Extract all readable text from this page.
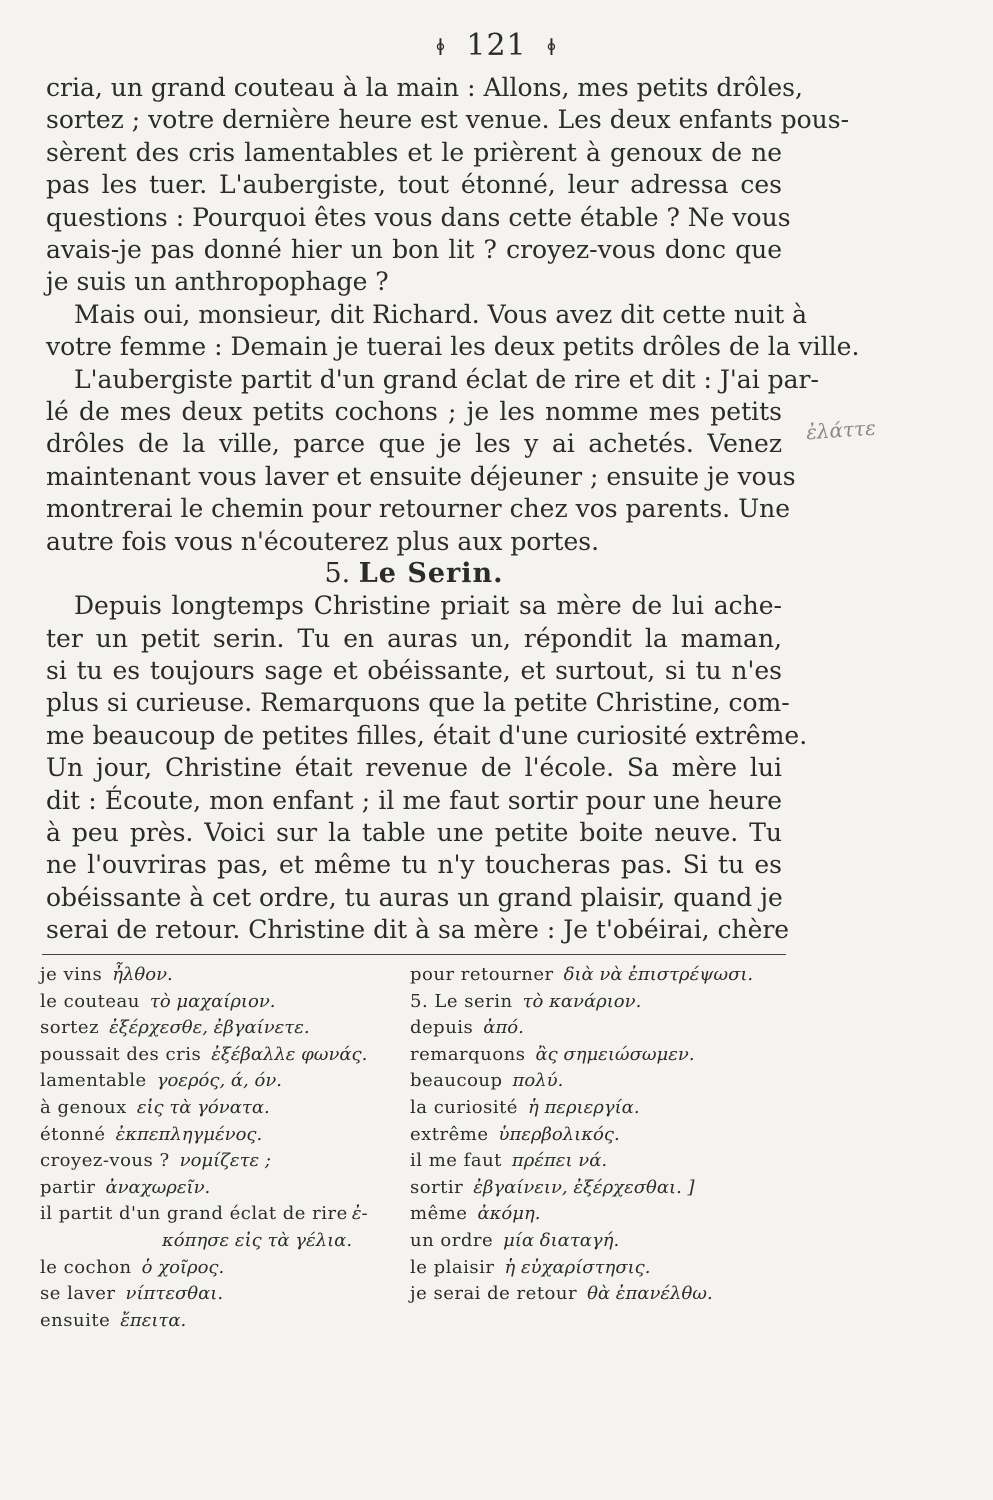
ꬹ 121 ꬹ
cria, un grand couteau à la main : Allons, mes petits drôles,
sortez ; votre dernière heure est venue. Les deux enfants pous-
sèrent des cris lamentables et le prièrent à genoux de ne
pas les tuer. L'aubergiste, tout étonné, leur adressa ces
questions : Pourquoi êtes vous dans cette étable ? Ne vous
avais-je pas donné hier un bon lit ? croyez-vous donc que
je suis un anthropophage ?
Mais oui, monsieur, dit Richard. Vous avez dit cette nuit à
votre femme : Demain je tuerai les deux petits drôles de la ville.
L'aubergiste partit d'un grand éclat de rire et dit : J'ai par-
lé de mes deux petits cochons ; je les nomme mes petits
drôles de la ville, parce que je les y ai achetés. Venez
maintenant vous laver et ensuite déjeuner ; ensuite je vous
montrerai le chemin pour retourner chez vos parents. Une
autre fois vous n'écouterez plus aux portes.
5. Le Serin.
Depuis longtemps Christine priait sa mère de lui ache-
ter un petit serin. Tu en auras un, répondit la maman,
si tu es toujours sage et obéissante, et surtout, si tu n'es
plus si curieuse. Remarquons que la petite Christine, com-
me beaucoup de petites filles, était d'une curiosité extrême.
Un jour, Christine était revenue de l'école. Sa mère lui
dit : Écoute, mon enfant ; il me faut sortir pour une heure
à peu près. Voici sur la table une petite boite neuve. Tu
ne l'ouvriras pas, et même tu n'y toucheras pas. Si tu es
obéissante à cet ordre, tu auras un grand plaisir, quand je
serai de retour. Christine dit à sa mère : Je t'obéirai, chère
ἐλάττε
je vins ἦλθον.
le couteau τὸ μαχαίριον.
sortez ἐξέρχεσθε, ἐβγαίνετε.
poussait des cris ἐξέβαλλε φωνάς.
lamentable γοερός, ά, όν.
à genoux εἰς τὰ γόνατα.
étonné ἐκπεπληγμένος.
croyez-vous ? νομίζετε ;
partir ἀναχωρεῖν.
il partit d'un grand éclat de rire ἐ-
κόπησε εἰς τὰ γέλια.
le cochon ὁ χοῖρος.
se laver νίπτεσθαι.
ensuite ἔπειτα.
pour retourner διὰ νὰ ἐπιστρέψωσι.
5. Le serin τὸ κανάριον.
depuis ἀπό.
remarquons ἂς σημειώσωμεν.
beaucoup πολύ.
la curiosité ἡ περιεργία.
extrême ὑπερβολικός.
il me faut πρέπει νά.
sortir ἐβγαίνειν, ἐξέρχεσθαι. ]
même ἀκόμη.
un ordre μία διαταγή.
le plaisir ἡ εὐχαρίστησις.
je serai de retour θὰ ἐπανέλθω.
